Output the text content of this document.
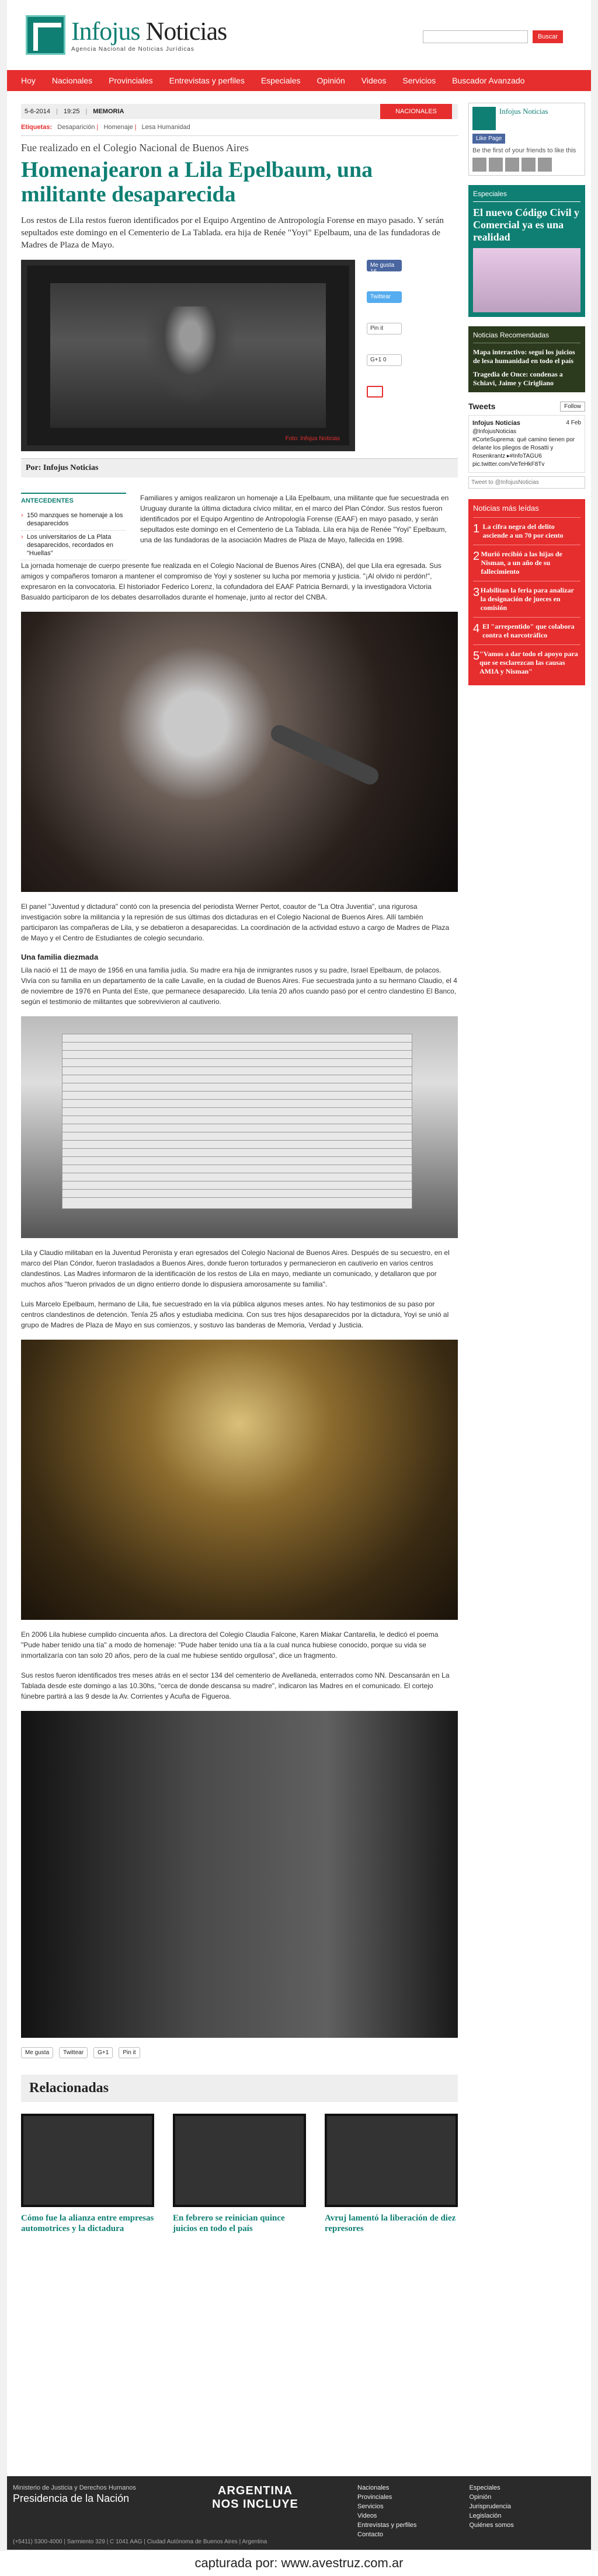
Infojus Noticias
Agencia Nacional de Noticias Jurídicas
Buscar
Hoy Nacionales Provinciales Entrevistas y perfiles Especiales Opinión Videos Servicios Buscador Avanzado
5-6-2014 | 19:25 | MEMORIA	NACIONALES
Etiquetas: Desaparición | Homenaje | Lesa Humanidad
Fue realizado en el Colegio Nacional de Buenos Aires
Homenajearon a Lila Epelbaum, una militante desaparecida

Los restos de Lila restos fueron identificados por el Equipo Argentino de Antropología Forense en mayo pasado. Y serán sepultados este domingo en el Cementerio de La Tablada. era hija de Renée "Yoyi" Epelbaum, una de las fundadoras de Madres de Plaza de Mayo.

Foto: Infojus Noticias
Me gusta 16
Twittear
Pin it
G+1 0
Por: Infojus Noticias
ANTECEDENTES
› 150 manzques se homenaje a los desaparecidos
› Los universitarios de La Plata desaparecidos, recordados en "Huellas"

Familiares y amigos realizaron un homenaje a Lila Epelbaum, una militante que fue secuestrada en Uruguay durante la última dictadura cívico militar, en el marco del Plan Cóndor. Sus restos fueron identificados por el Equipo Argentino de Antropología Forense (EAAF) en mayo pasado, y serán sepultados este domingo en el Cementerio de La Tablada. Lila era hija de Renée "Yoyi" Epelbaum, una de las fundadoras de la asociación Madres de Plaza de Mayo, fallecida en 1998.

La jornada homenaje de cuerpo presente fue realizada en el Colegio Nacional de Buenos Aires (CNBA), del que Lila era egresada. Sus amigos y compañeros tomaron a mantener el compromiso de Yoyi y sostener su lucha por memoria y justicia. "¡Al olvido ni perdón!", expresaron en la convocatoria. El historiador Federico Lorenz, la cofundadora del EAAF Patricia Bernardi, y la investigadora Victoria Basualdo participaron de los debates desarrollados durante el homenaje, junto al rector del CNBA.

El panel "Juventud y dictadura" contó con la presencia del periodista Werner Pertot, coautor de "La Otra Juventia", una rigurosa investigación sobre la militancia y la represión de sus últimas dos dictaduras en el Colegio Nacional de Buenos Aires. Allí también participaron las compañeras de Lila, y se debatieron a desaparecidas. La coordinación de la actividad estuvo a cargo de Madres de Plaza de Mayo y el Centro de Estudiantes de colegio secundario.

Una familia diezmada

Lila nació el 11 de mayo de 1956 en una familia judía. Su madre era hija de inmigrantes rusos y su padre, Israel Epelbaum, de polacos. Vivía con su familia en un departamento de la calle Lavalle, en la ciudad de Buenos Aires. Fue secuestrada junto a su hermano Claudio, el 4 de noviembre de 1976 en Punta del Este, que permanece desaparecido. Lila tenía 20 años cuando pasó por el centro clandestino El Banco, según el testimonio de militantes que sobrevivieron al cautiverio.

Lila y Claudio militaban en la Juventud Peronista y eran egresados del Colegio Nacional de Buenos Aires. Después de su secuestro, en el marco del Plan Cóndor, fueron trasladados a Buenos Aires, donde fueron torturados y permanecieron en cautiverio en varios centros clandestinos. Las Madres informaron de la identificación de los restos de Lila en mayo, mediante un comunicado, y detallaron que por muchos años "fueron privados de un digno entierro donde lo dispusiera amorosamente su familia".

Luis Marcelo Epelbaum, hermano de Lila, fue secuestrado en la vía pública algunos meses antes. No hay testimonios de su paso por centros clandestinos de detención. Tenía 25 años y estudiaba medicina. Con sus tres hijos desaparecidos por la dictadura, Yoyi se unió al grupo de Madres de Plaza de Mayo en sus comienzos, y sostuvo las banderas de Memoria, Verdad y Justicia.

En 2006 Lila hubiese cumplido cincuenta años. La directora del Colegio Claudia Falcone, Karen Miakar Cantarella, le dedicó el poema "Pude haber tenido una tía" a modo de homenaje: "Pude haber tenido una tía a la cual nunca hubiese conocido, porque su vida se inmortalizaría con tan solo 20 años, pero de la cual me hubiese sentido orgullosa", dice un fragmento.

Sus restos fueron identificados tres meses atrás en el sector 134 del cementerio de Avellaneda, enterrados como NN. Descansarán en La Tablada desde este domingo a las 10.30hs, "cerca de donde descansa su madre", indicaron las Madres en el comunicado. El cortejo fúnebre partirá a las 9 desde la Av. Corrientes y Acuña de Figueroa.

Me gusta	Twittear	G+1	Pin it
Relacionadas
Cómo fue la alianza entre empresas automotrices y la dictadura
En febrero se reinician quince juicios en todo el país
Avruj lamentó la liberación de diez represores
Infojus Noticias
Like Page
Be the first of your friends to like this
Especiales
El nuevo Código Civil y Comercial ya es una realidad
Noticias Recomendadas

Mapa interactivo: seguí los juicios de lesa humanidad en todo el país

Tragedia de Once: condenas a Schiavi, Jaime y Cirigliano

Tweets	Follow
Infojus Noticias	4 Feb

@InfojusNoticias
#CorteSuprema: qué camino tienen por delante los pliegos de Rosatti y Rosenkrantz ▸#InfoTAGU6 pic.twitter.com/VeTeHkF8Tv
Tweet to @InfojusNoticias
Noticias más leídas
1 La cifra negra del delito asciende a un 70 por ciento
2 Murió recibió a las hijas de Nisman, a un año de su fallecimiento
3 Habilitan la feria para analizar la designación de jueces en comisión
4 El "arrepentido" que colabora contra el narcotráfico
5 "Vamos a dar todo el apoyo para que se esclarezcan las causas AMIA y Nisman"
Ministerio de Justicia y Derechos Humanos
Presidencia de la Nación
ARGENTINA
NOS INCLUYE
Nacionales
Provinciales
Servicios
Videos
Entrevistas y perfiles
Contacto
Especiales
Opinión
Jurisprudencia
Legislación
Quiénes somos
(+5411) 5300-4000 | Sarmiento 329 | C 1041 AAG | Ciudad Autónoma de Buenos Aires | Argentina
capturada por: www.avestruz.com.ar
